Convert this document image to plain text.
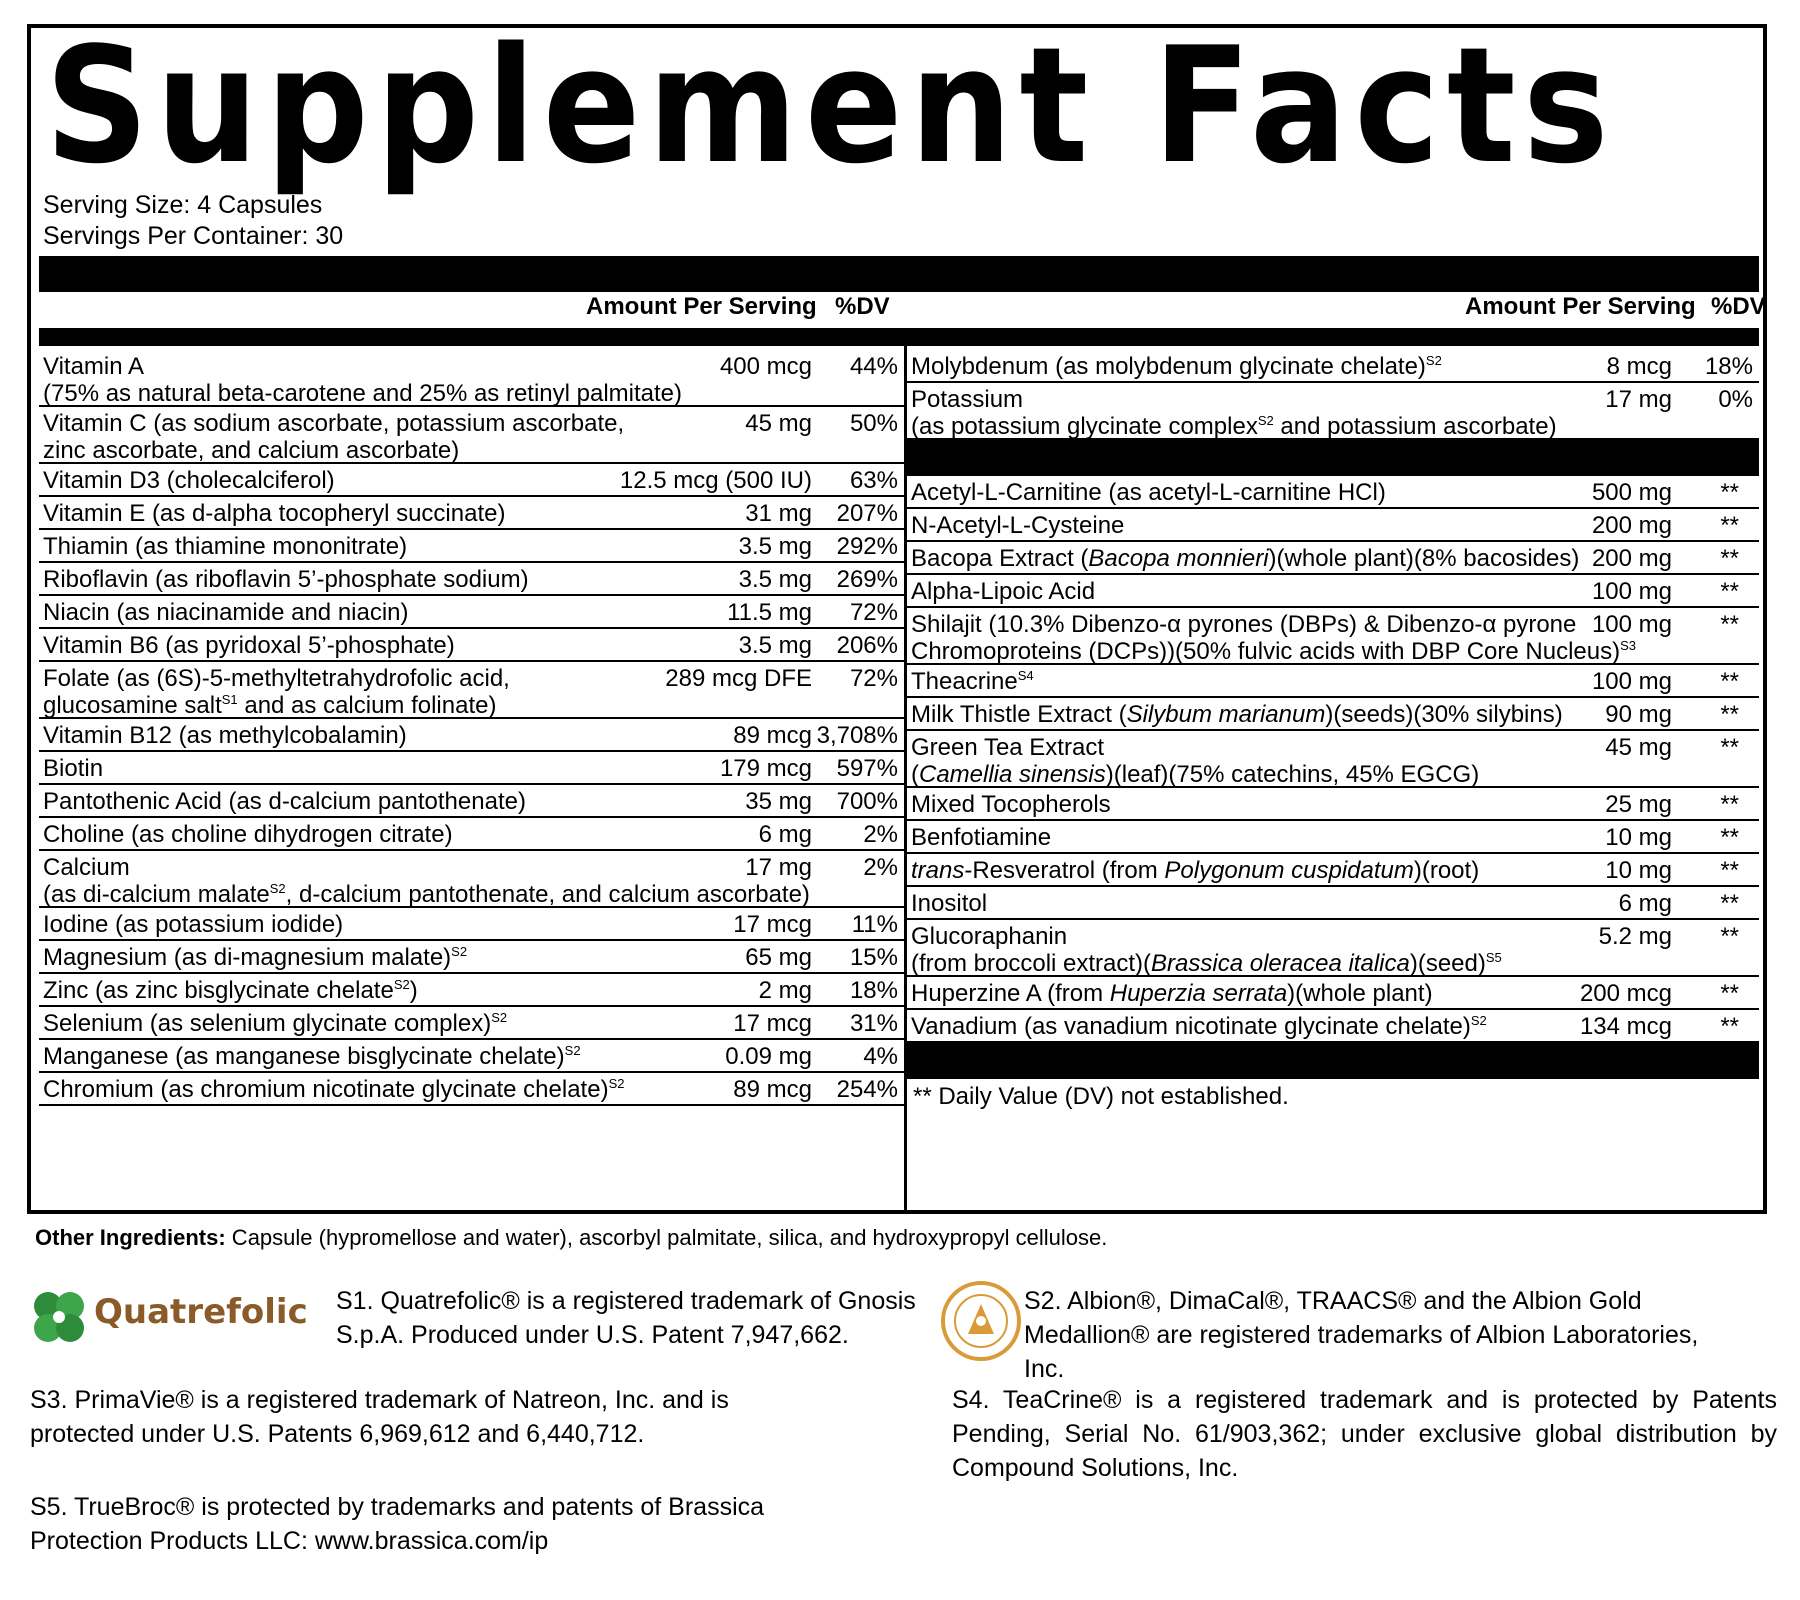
Supplement Facts
Serving Size: 4 Capsules
Servings Per Container: 30
Amount Per Serving %DV	Amount Per Serving %DV
Vitamin A
(75% as natural beta-carotene and 25% as retinyl palmitate)
400 mcg 44%
Vitamin C (as sodium ascorbate, potassium ascorbate,
zinc ascorbate, and calcium ascorbate)
45 mg 50%
Vitamin D3 (cholecalciferol)	12.5 mcg (500 IU) 63%
Vitamin E (as d-alpha tocopheryl succinate)	31 mg 207%
Thiamin (as thiamine mononitrate)	3.5 mg 292%
Riboflavin (as riboflavin 5’-phosphate sodium)	3.5 mg 269%
Niacin (as niacinamide and niacin)	11.5 mg 72%
Vitamin B6 (as pyridoxal 5’-phosphate)	3.5 mg 206%
Folate (as (6S)-5-methyltetrahydrofolic acid,
glucosamine salt$^{S1}$ and as calcium folinate)
289 mcg DFE 72%
Vitamin B12 (as methylcobalamin)	89 mcg 3,708%
Biotin	179 mcg 597%
Pantothenic Acid (as d-calcium pantothenate)	35 mg 700%
Choline (as choline dihydrogen citrate)	6 mg 2%
Calcium
(as di-calcium malate$^{S2}$, d-calcium pantothenate, and calcium ascorbate)
17 mg 2%
Iodine (as potassium iodide)	17 mcg 11%
Magnesium (as di-magnesium malate)$^{S2}$	65 mg 15%
Zinc (as zinc bisglycinate chelate$^{S2}$)	2 mg 18%
Selenium (as selenium glycinate complex)$^{S2}$	17 mcg 31%
Manganese (as manganese bisglycinate chelate)$^{S2}$	0.09 mg 4%
Chromium (as chromium nicotinate glycinate chelate)$^{S2}$	89 mcg 254%
Molybdenum (as molybdenum glycinate chelate)$^{S2}$	8 mcg 18%
Potassium
(as potassium glycinate complex$^{S2}$ and potassium ascorbate)
17 mg 0%
Acetyl-L-Carnitine (as acetyl-L-carnitine HCl)	500 mg **
N-Acetyl-L-Cysteine	200 mg **
Bacopa Extract (Bacopa monnieri)(whole plant)(8% bacosides) 200 mg **
Alpha-Lipoic Acid	100 mg **
Shilajit (10.3% Dibenzo-α pyrones (DBPs) & Dibenzo-α pyrone
Chromoproteins (DCPs))(50% fulvic acids with DBP Core Nucleus)$^{S3}$
100 mg **
Theacrine$^{S4}$	100 mg **
Milk Thistle Extract (Silybum marianum)(seeds)(30% silybins) 90 mg **
Green Tea Extract
(Camellia sinensis)(leaf)(75% catechins, 45% EGCG)
45 mg **
Mixed Tocopherols	25 mg **
Benfotiamine	10 mg **
trans-Resveratrol (from Polygonum cuspidatum)(root)	10 mg **
Inositol	6 mg **
Glucoraphanin
(from broccoli extract)(Brassica oleracea italica)(seed)$^{S5}$
5.2 mg **
Huperzine A (from Huperzia serrata)(whole plant)	200 mcg **
Vanadium (as vanadium nicotinate glycinate chelate)$^{S2}$	134 mcg **
** Daily Value (DV) not established.
Other Ingredients: Capsule (hypromellose and water), ascorbyl palmitate, silica, and hydroxypropyl cellulose.
Quatrefolic S1. Quatrefolic® is a registered trademark of Gnosis S.p.A. Produced under U.S. Patent 7,947,662.
S2. Albion®, DimaCal®, TRAACS® and the Albion Gold Medallion® are registered trademarks of Albion Laboratories, Inc.
S3. PrimaVie® is a registered trademark of Natreon, Inc. and is protected under U.S. Patents 6,969,612 and 6,440,712.
S4. TeaCrine® is a registered trademark and is protected by Patents Pending, Serial No. 61/903,362; under exclusive global distribution by Compound Solutions, Inc.
S5. TrueBroc® is protected by trademarks and patents of Brassica Protection Products LLC: www.brassica.com/ip
